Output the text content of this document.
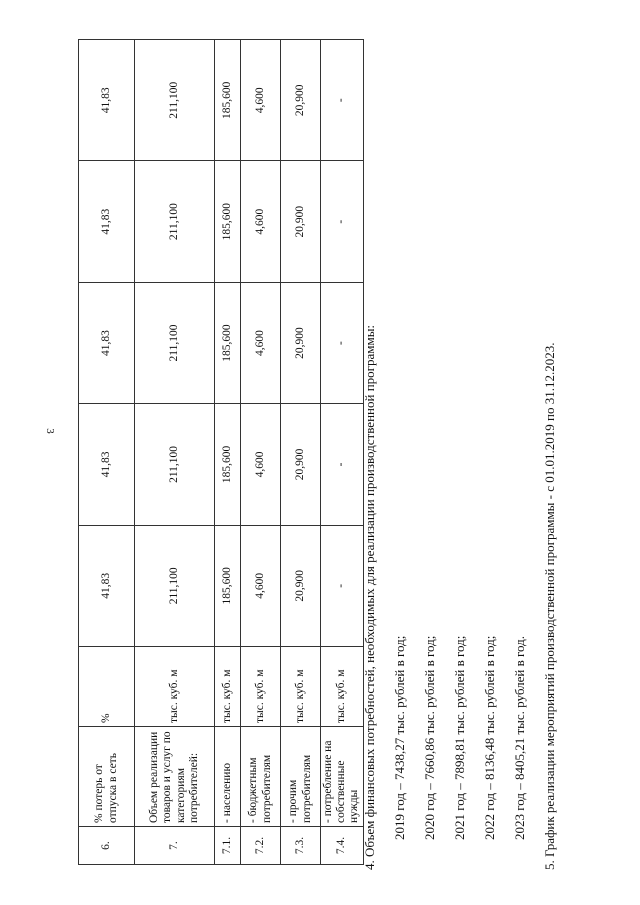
3
6.	% потерь от отпуска в сеть	%	41,83	41,83	41,83	41,83	41,83
7.	Объем реализации товаров и услуг по категориям потребителей:	тыс. куб. м	211,100	211,100	211,100	211,100	211,100
7.1.	- населению	тыс. куб. м	185,600	185,600	185,600	185,600	185,600
7.2.	- бюджетным потребителям	тыс. куб. м	4,600	4,600	4,600	4,600	4,600
7.3.	- прочим потребителям	тыс. куб. м	20,900	20,900	20,900	20,900	20,900
7.4.	- потребление на собственные нужды	тыс. куб. м	-	-	-	-	-

4. Объем финансовых потребностей, необходимых для реализации производственной программы:	2019 год – 7438,27 тыс. рублей в год;	2020 год – 7660,86 тыс. рублей в год;	2021 год – 7898,81 тыс. рублей в год;	2022 год – 8136,48 тыс. рублей в год;	2023 год – 8405,21 тыс. рублей в год.	5. График реализации мероприятий производственной программы - с 01.01.2019 по 31.12.2023.
